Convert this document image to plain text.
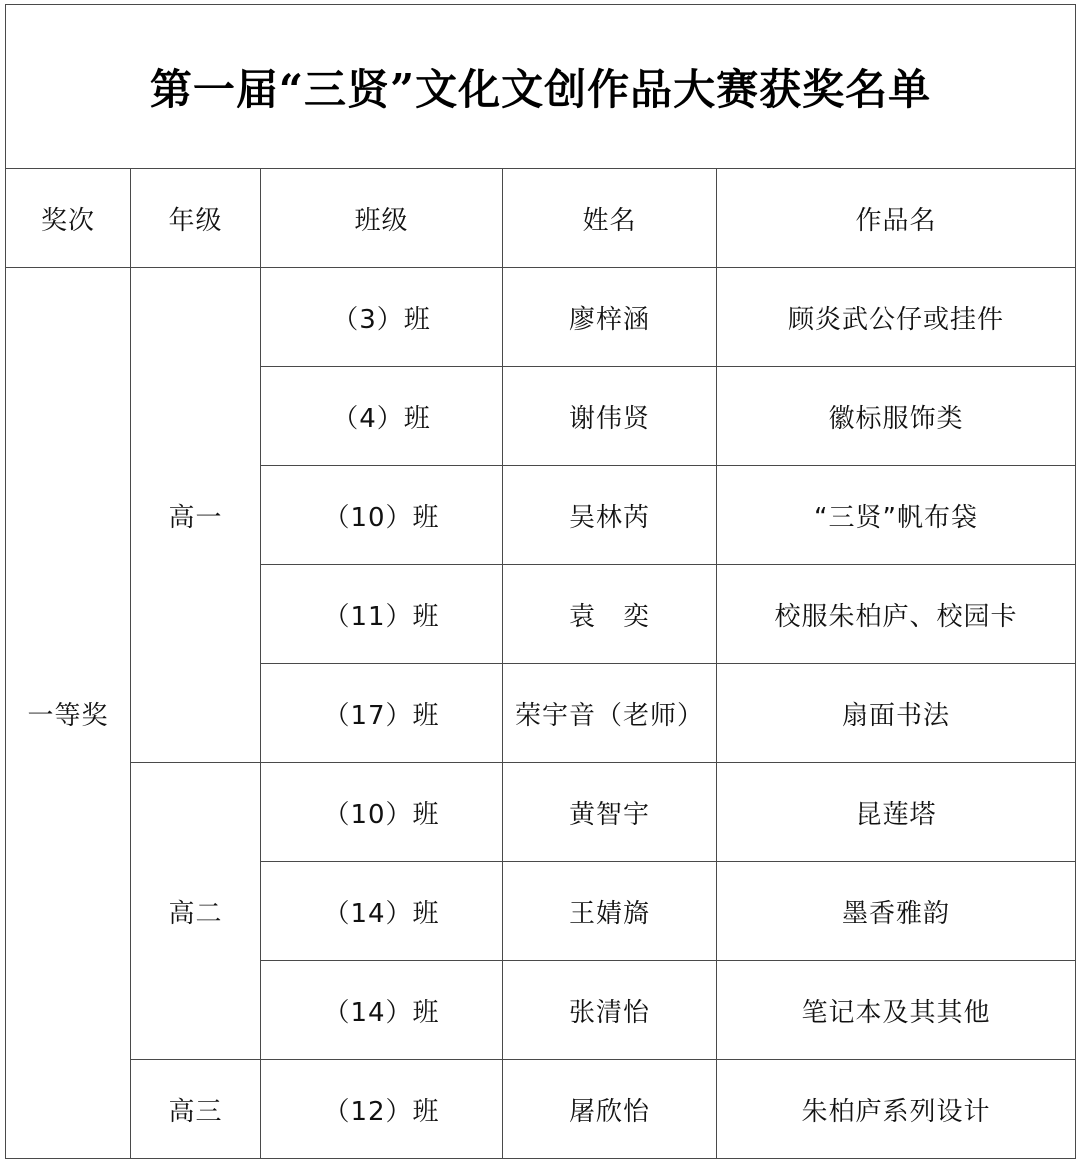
第一届“三贤”文化文创作品大赛获奖名单				
奖次	年级	班级	姓名	作品名
一等奖	高一	（3）班	廖梓涵	顾炎武公仔或挂件
		（4）班	谢伟贤	徽标服饰类
		（10）班	吴林芮	“三贤”帆布袋
		（11）班	袁　奕	校服朱柏庐、校园卡
		（17）班	荣宇音（老师）	扇面书法
	高二	（10）班	黄智宇	昆莲塔
		（14）班	王婧旖	墨香雅韵
		（14）班	张清怡	笔记本及其其他
	高三	（12）班	屠欣怡	朱柏庐系列设计
